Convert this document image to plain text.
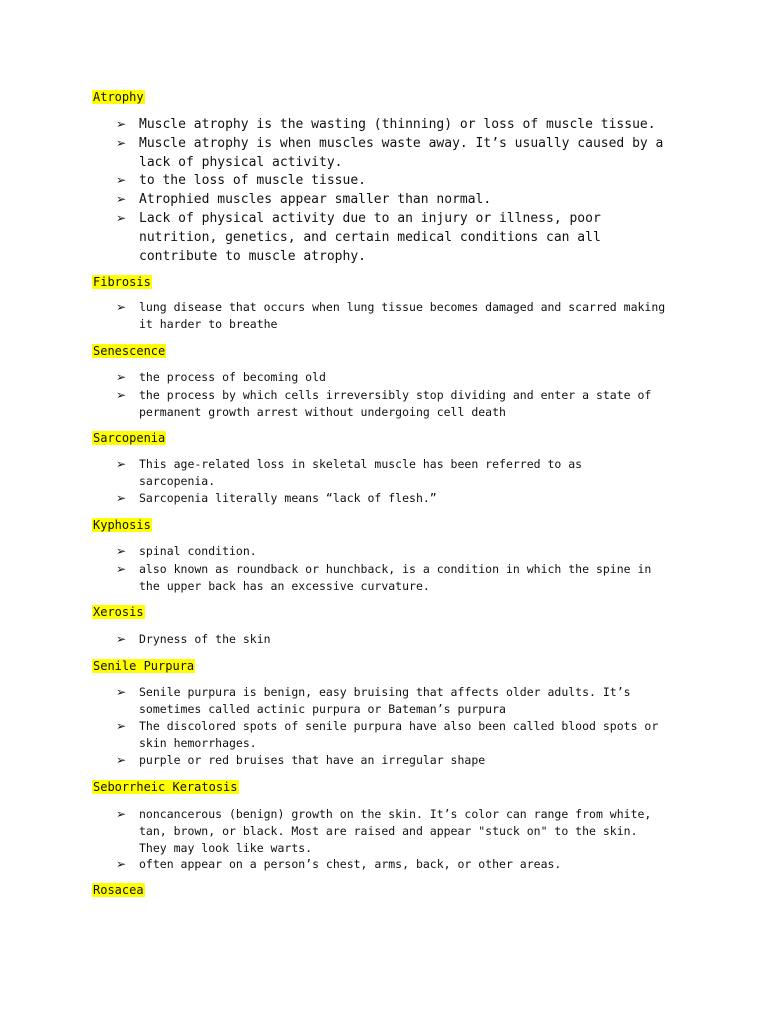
Atrophy
➢ Muscle atrophy is the wasting (thinning) or loss of muscle tissue.
➢ Muscle atrophy is when muscles waste away. It’s usually caused by a
lack of physical activity.
➢ to the loss of muscle tissue.
➢ Atrophied muscles appear smaller than normal.
➢ Lack of physical activity due to an injury or illness, poor
nutrition, genetics, and certain medical conditions can all
contribute to muscle atrophy.
Fibrosis
➢ lung disease that occurs when lung tissue becomes damaged and scarred making
it harder to breathe
Senescence
➢ the process of becoming old
➢ the process by which cells irreversibly stop dividing and enter a state of
permanent growth arrest without undergoing cell death
Sarcopenia
➢ This age-related loss in skeletal muscle has been referred to as
sarcopenia.
➢ Sarcopenia literally means “lack of flesh.”
Kyphosis
➢ spinal condition.
➢ also known as roundback or hunchback, is a condition in which the spine in
the upper back has an excessive curvature.
Xerosis
➢ Dryness of the skin
Senile Purpura
➢ Senile purpura is benign, easy bruising that affects older adults. It’s
sometimes called actinic purpura or Bateman’s purpura
➢ The discolored spots of senile purpura have also been called blood spots or
skin hemorrhages.
➢ purple or red bruises that have an irregular shape
Seborrheic Keratosis
➢ noncancerous (benign) growth on the skin. It’s color can range from white,
tan, brown, or black. Most are raised and appear "stuck on" to the skin.
They may look like warts.
➢ often appear on a person’s chest, arms, back, or other areas.
Rosacea
